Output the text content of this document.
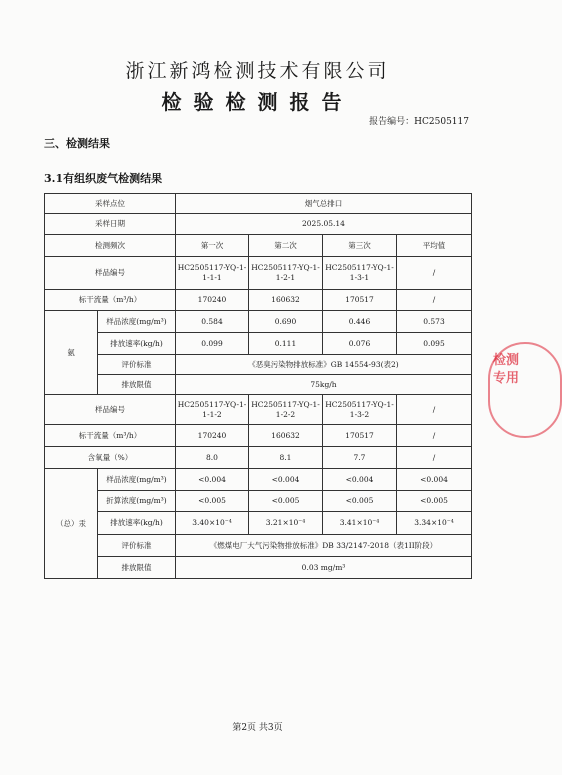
浙江新鸿检测技术有限公司
检验检测报告
报告编号：HC2505117
三、检测结果
3.1有组织废气检测结果
采样点位		烟气总排口			
采样日期		2025.05.14			
检测频次		第一次	第二次	第三次	平均值
样品编号		HC2505117-YQ-1-1-1-1	HC2505117-YQ-1-1-2-1	HC2505117-YQ-1-1-3-1	/
标干流量（m³/h）		170240	160632	170517	/
氨	样品浓度(mg/m³)	0.584	0.690	0.446	0.573
	排放速率(kg/h)	0.099	0.111	0.076	0.095
	评价标准	《恶臭污染物排放标准》GB 14554-93(表2)			
	排放限值	75kg/h			
样品编号		HC2505117-YQ-1-1-1-2	HC2505117-YQ-1-1-2-2	HC2505117-YQ-1-1-3-2	/
标干流量（m³/h）		170240	160632	170517	/
含氧量（%）		8.0	8.1	7.7	/
（总）汞	样品浓度(mg/m³)	<0.004	<0.004	<0.004	<0.004
	折算浓度(mg/m³)	<0.005	<0.005	<0.005	<0.005
	排放速率(kg/h)	3.40×10⁻⁴	3.21×10⁻⁴	3.41×10⁻⁴	3.34×10⁻⁴
	评价标准	《燃煤电厂大气污染物排放标准》DB 33/2147-2018（表1II阶段）			
	排放限值	0.03 mg/m³			
第2页 共3页
检测
专用
